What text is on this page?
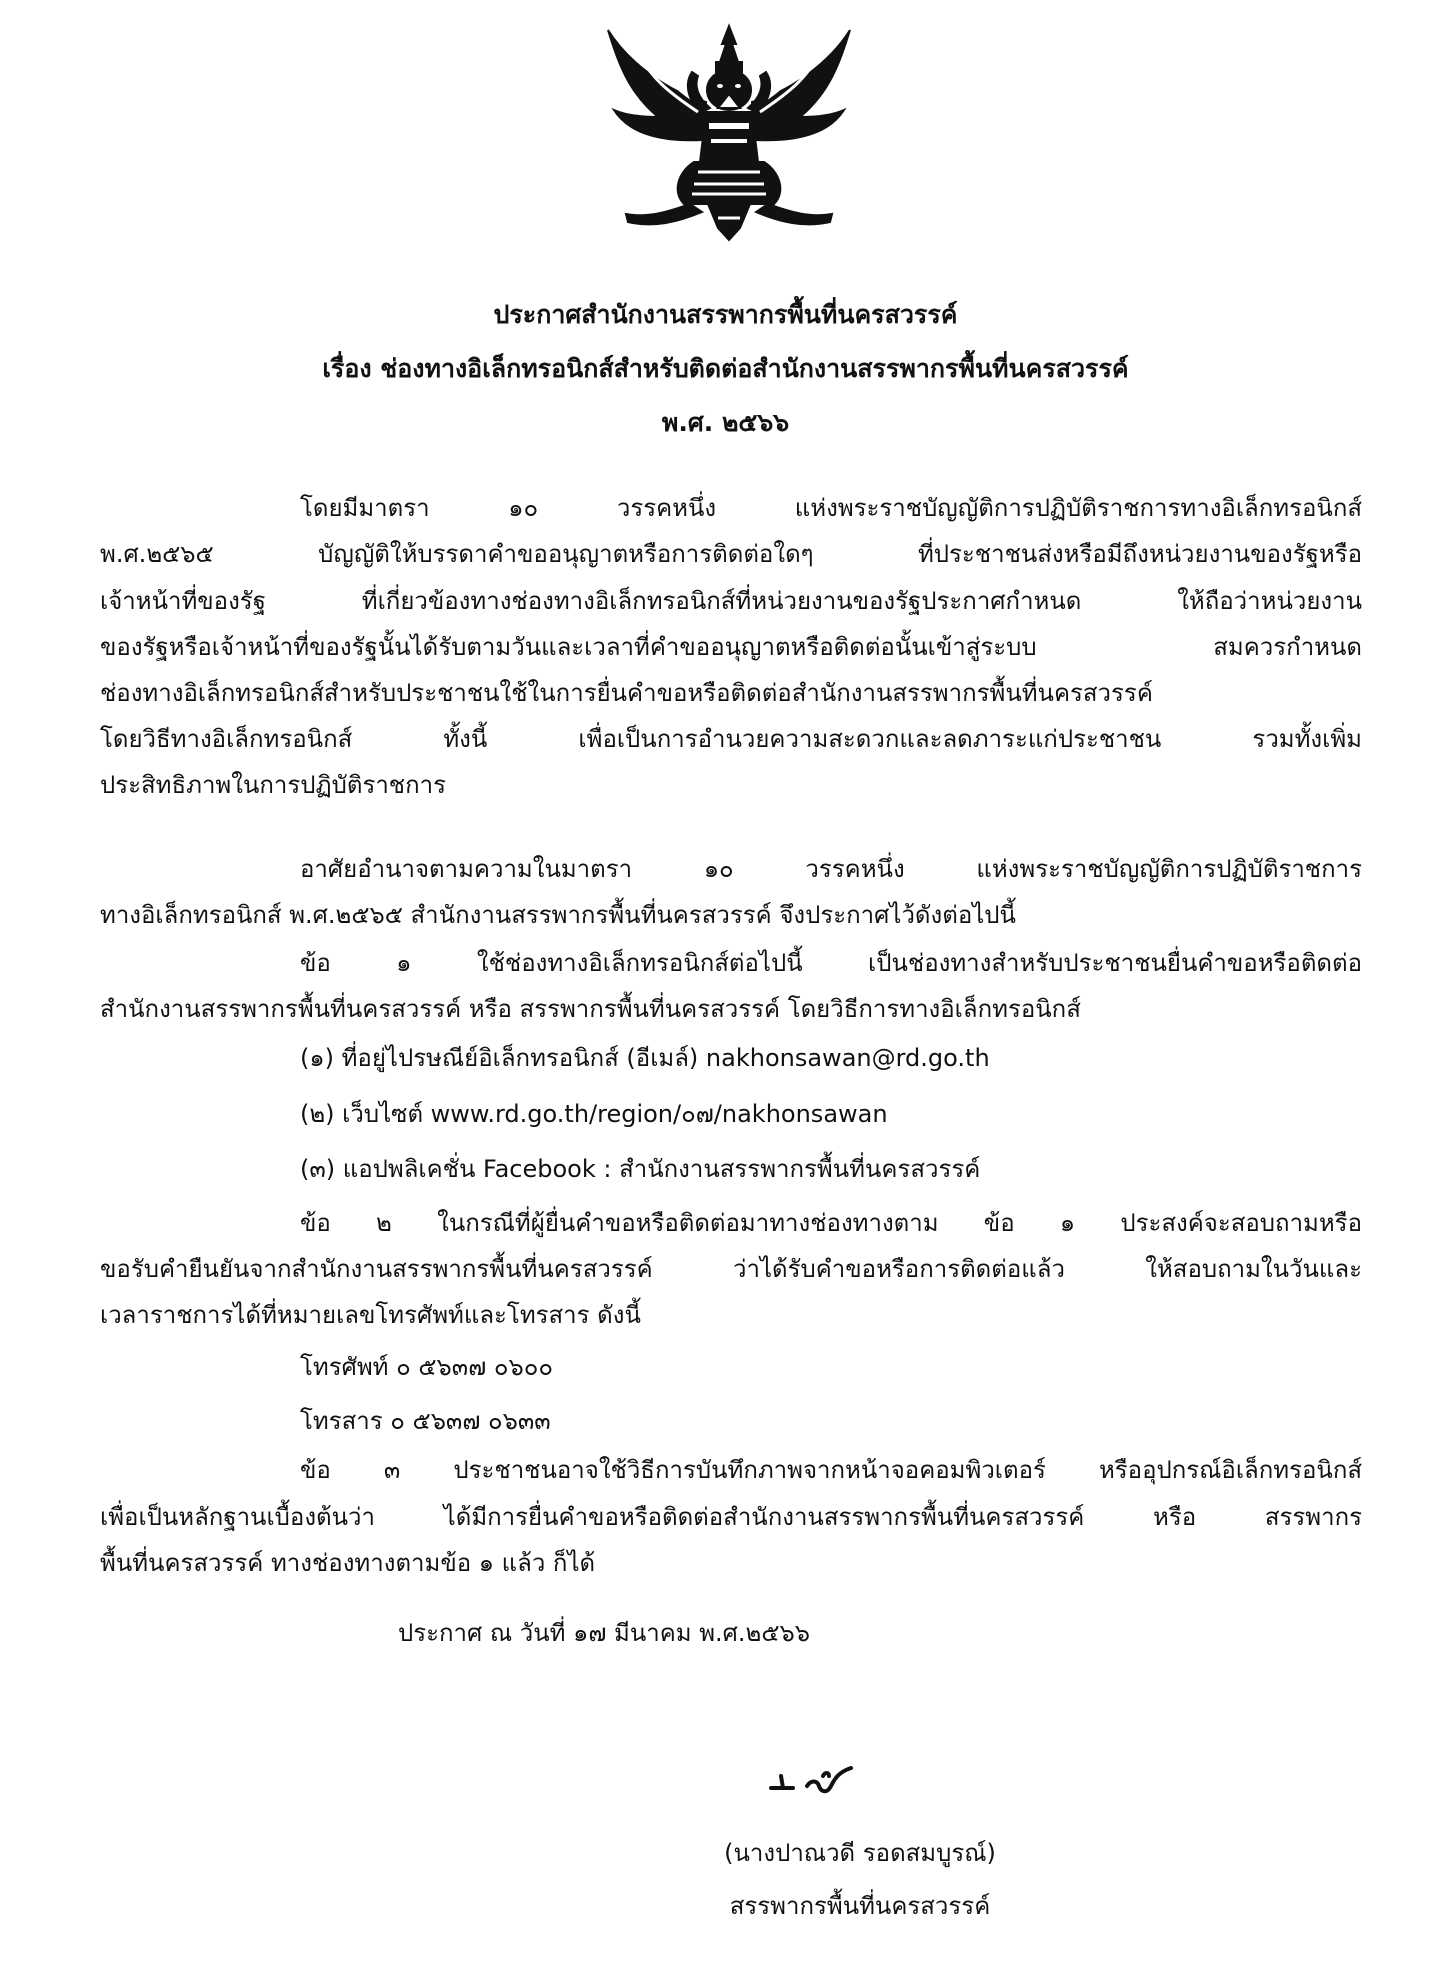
ประกาศสำนักงานสรรพากรพื้นที่นครสวรรค์
เรื่อง ช่องทางอิเล็กทรอนิกส์สำหรับติดต่อสำนักงานสรรพากรพื้นที่นครสวรรค์
พ.ศ. ๒๕๖๖
โดยมีมาตรา ๑๐ วรรคหนึ่ง แห่งพระราชบัญญัติการปฏิบัติราชการทางอิเล็กทรอนิกส์
พ.ศ.๒๕๖๕ บัญญัติให้บรรดาคำขออนุญาตหรือการติดต่อใดๆ ที่ประชาชนส่งหรือมีถึงหน่วยงานของรัฐหรือ
เจ้าหน้าที่ของรัฐ ที่เกี่ยวข้องทางช่องทางอิเล็กทรอนิกส์ที่หน่วยงานของรัฐประกาศกำหนด ให้ถือว่าหน่วยงาน
ของรัฐหรือเจ้าหน้าที่ของรัฐนั้นได้รับตามวันและเวลาที่คำขออนุญาตหรือติดต่อนั้นเข้าสู่ระบบ สมควรกำหนด
ช่องทางอิเล็กทรอนิกส์สำหรับประชาชนใช้ในการยื่นคำขอหรือติดต่อสำนักงานสรรพากรพื้นที่นครสวรรค์
โดยวิธีทางอิเล็กทรอนิกส์ ทั้งนี้ เพื่อเป็นการอำนวยความสะดวกและลดภาระแก่ประชาชน รวมทั้งเพิ่ม
ประสิทธิภาพในการปฏิบัติราชการ
อาศัยอำนาจตามความในมาตรา ๑๐ วรรคหนึ่ง แห่งพระราชบัญญัติการปฏิบัติราชการ
ทางอิเล็กทรอนิกส์ พ.ศ.๒๕๖๕ สำนักงานสรรพากรพื้นที่นครสวรรค์ จึงประกาศไว้ดังต่อไปนี้
ข้อ ๑ ใช้ช่องทางอิเล็กทรอนิกส์ต่อไปนี้ เป็นช่องทางสำหรับประชาชนยื่นคำขอหรือติดต่อ
สำนักงานสรรพากรพื้นที่นครสวรรค์ หรือ สรรพากรพื้นที่นครสวรรค์ โดยวิธีการทางอิเล็กทรอนิกส์
(๑) ที่อยู่ไปรษณีย์อิเล็กทรอนิกส์ (อีเมล์) nakhonsawan@rd.go.th
(๒) เว็บไซต์ www.rd.go.th/region/๐๗/nakhonsawan
(๓) แอปพลิเคชั่น Facebook : สำนักงานสรรพากรพื้นที่นครสวรรค์
ข้อ ๒ ในกรณีที่ผู้ยื่นคำขอหรือติดต่อมาทางช่องทางตาม ข้อ ๑ ประสงค์จะสอบถามหรือ
ขอรับคำยืนยันจากสำนักงานสรรพากรพื้นที่นครสวรรค์ ว่าได้รับคำขอหรือการติดต่อแล้ว ให้สอบถามในวันและ
เวลาราชการได้ที่หมายเลขโทรศัพท์และโทรสาร ดังนี้
โทรศัพท์ ๐ ๕๖๓๗ ๐๖๐๐
โทรสาร ๐ ๕๖๓๗ ๐๖๓๓
ข้อ ๓ ประชาชนอาจใช้วิธีการบันทึกภาพจากหน้าจอคอมพิวเตอร์ หรืออุปกรณ์อิเล็กทรอนิกส์
เพื่อเป็นหลักฐานเบื้องต้นว่า ได้มีการยื่นคำขอหรือติดต่อสำนักงานสรรพากรพื้นที่นครสวรรค์ หรือ สรรพากร
พื้นที่นครสวรรค์ ทางช่องทางตามข้อ ๑ แล้ว ก็ได้
ประกาศ ณ วันที่ ๑๗ มีนาคม พ.ศ.๒๕๖๖
(นางปาณวดี รอดสมบูรณ์)
สรรพากรพื้นที่นครสวรรค์
